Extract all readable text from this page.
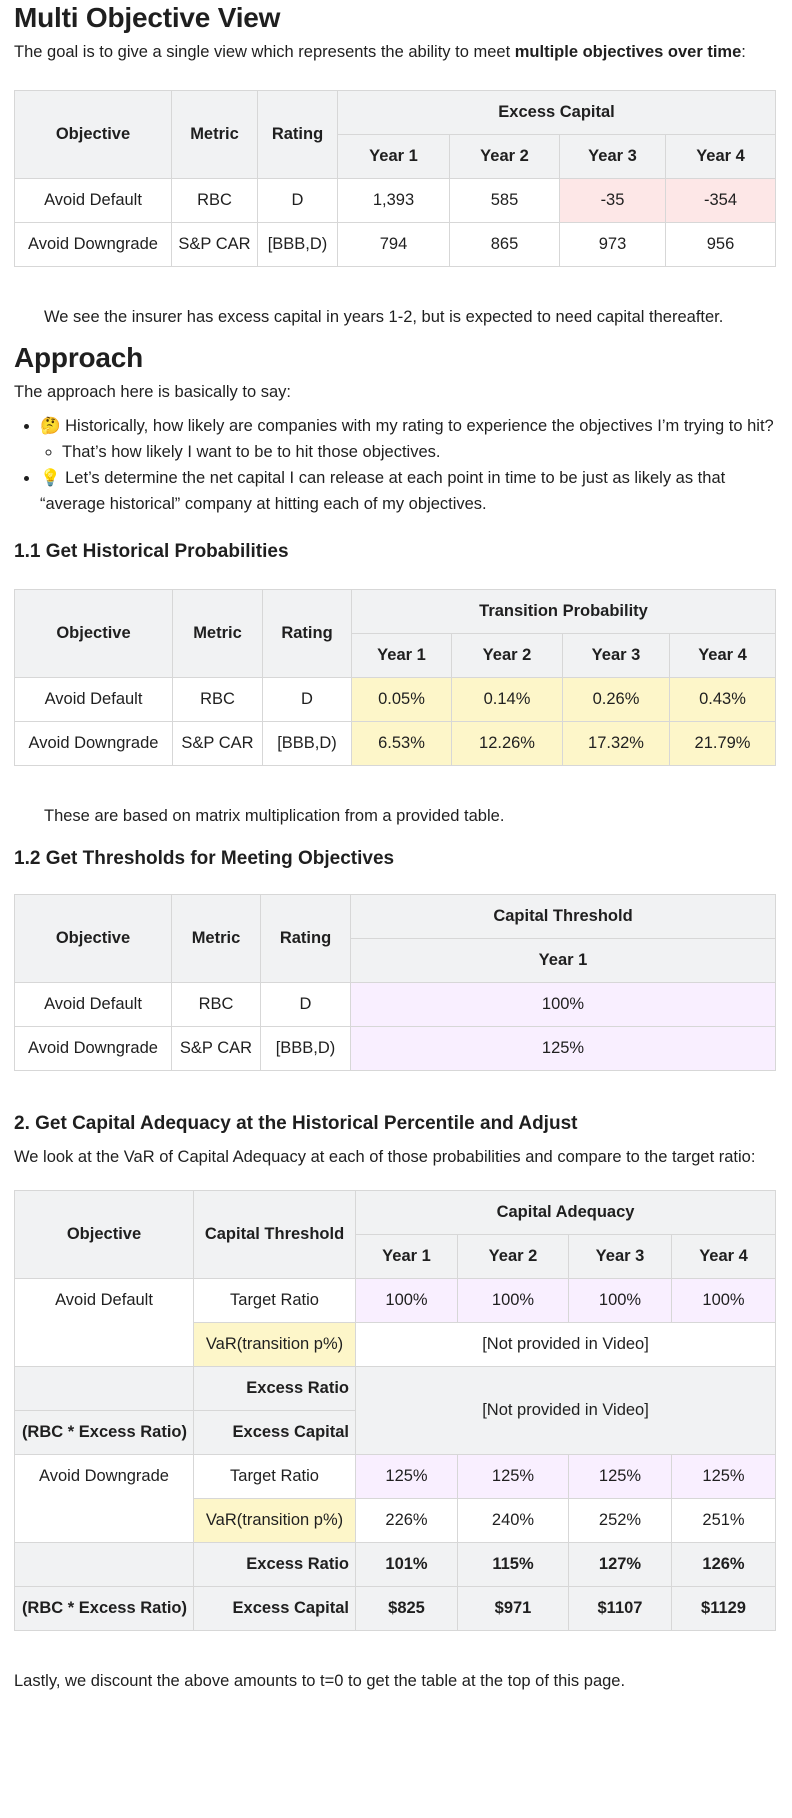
Multi Objective View

The goal is to give a single view which represents the ability to meet multiple objectives over time:

Objective	Metric	Rating	Excess Capital			
			Year 1	Year 2	Year 3	Year 4
Avoid Default	RBC	D	1,393	585	-35	-354
Avoid Downgrade	S&P CAR	[BBB,D)	794	865	973	956

We see the insurer has excess capital in years 1-2, but is expected to need capital thereafter.

Approach

The approach here is basically to say:

• 🤔 Historically, how likely are companies with my rating to experience the objectives I’m trying to hit?
◦ That’s how likely I want to be to hit those objectives.
• 💡 Let’s determine the net capital I can release at each point in time to be just as likely as that “average historical” company at hitting each of my objectives.
1.1 Get Historical Probabilities
Objective	Metric	Rating	Transition Probability			
			Year 1	Year 2	Year 3	Year 4
Avoid Default	RBC	D	0.05%	0.14%	0.26%	0.43%
Avoid Downgrade	S&P CAR	[BBB,D)	6.53%	12.26%	17.32%	21.79%

These are based on matrix multiplication from a provided table.

1.2 Get Thresholds for Meeting Objectives
Objective	Metric	Rating	Capital Threshold
			Year 1
Avoid Default	RBC	D	100%
Avoid Downgrade	S&P CAR	[BBB,D)	125%
2. Get Capital Adequacy at the Historical Percentile and Adjust

We look at the VaR of Capital Adequacy at each of those probabilities and compare to the target ratio:

Objective	Capital Threshold	Capital Adequacy			
		Year 1	Year 2	Year 3	Year 4
Avoid Default	Target Ratio	100%	100%	100%	100%
	VaR(transition p%)	[Not provided in Video]			
	Excess Ratio	[Not provided in Video]			
(RBC * Excess Ratio)	Excess Capital				
Avoid Downgrade	Target Ratio	125%	125%	125%	125%
	VaR(transition p%)	226%	240%	252%	251%
	Excess Ratio	101%	115%	127%	126%
(RBC * Excess Ratio)	Excess Capital	$825	$971	$1107	$1129

Lastly, we discount the above amounts to t=0 to get the table at the top of this page.
